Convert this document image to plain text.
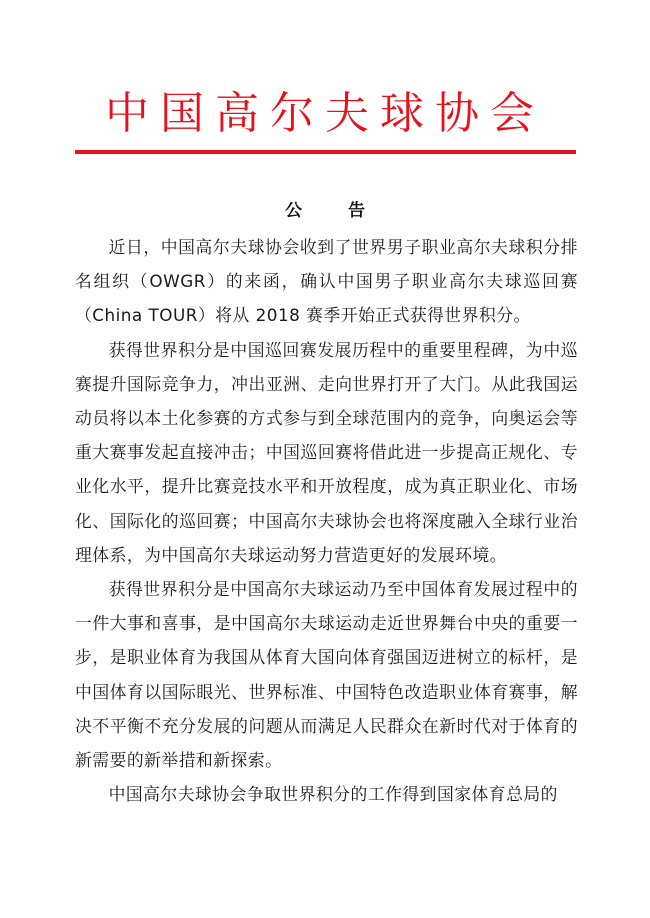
中国高尔夫球协会
公 告

近日，中国高尔夫球协会收到了世界男子职业高尔夫球积分排名组织（OWGR）的来函，确认中国男子职业高尔夫球巡回赛（China TOUR）将从 2018 赛季开始正式获得世界积分。

获得世界积分是中国巡回赛发展历程中的重要里程碑，为中巡赛提升国际竞争力，冲出亚洲、走向世界打开了大门。从此我国运动员将以本土化参赛的方式参与到全球范围内的竞争，向奥运会等重大赛事发起直接冲击；中国巡回赛将借此进一步提高正规化、专业化水平，提升比赛竞技水平和开放程度，成为真正职业化、市场化、国际化的巡回赛；中国高尔夫球协会也将深度融入全球行业治理体系，为中国高尔夫球运动努力营造更好的发展环境。

获得世界积分是中国高尔夫球运动乃至中国体育发展过程中的一件大事和喜事，是中国高尔夫球运动走近世界舞台中央的重要一步，是职业体育为我国从体育大国向体育强国迈进树立的标杆，是中国体育以国际眼光、世界标准、中国特色改造职业体育赛事，解决不平衡不充分发展的问题从而满足人民群众在新时代对于体育的新需要的新举措和新探索。

中国高尔夫球协会争取世界积分的工作得到国家体育总局的
